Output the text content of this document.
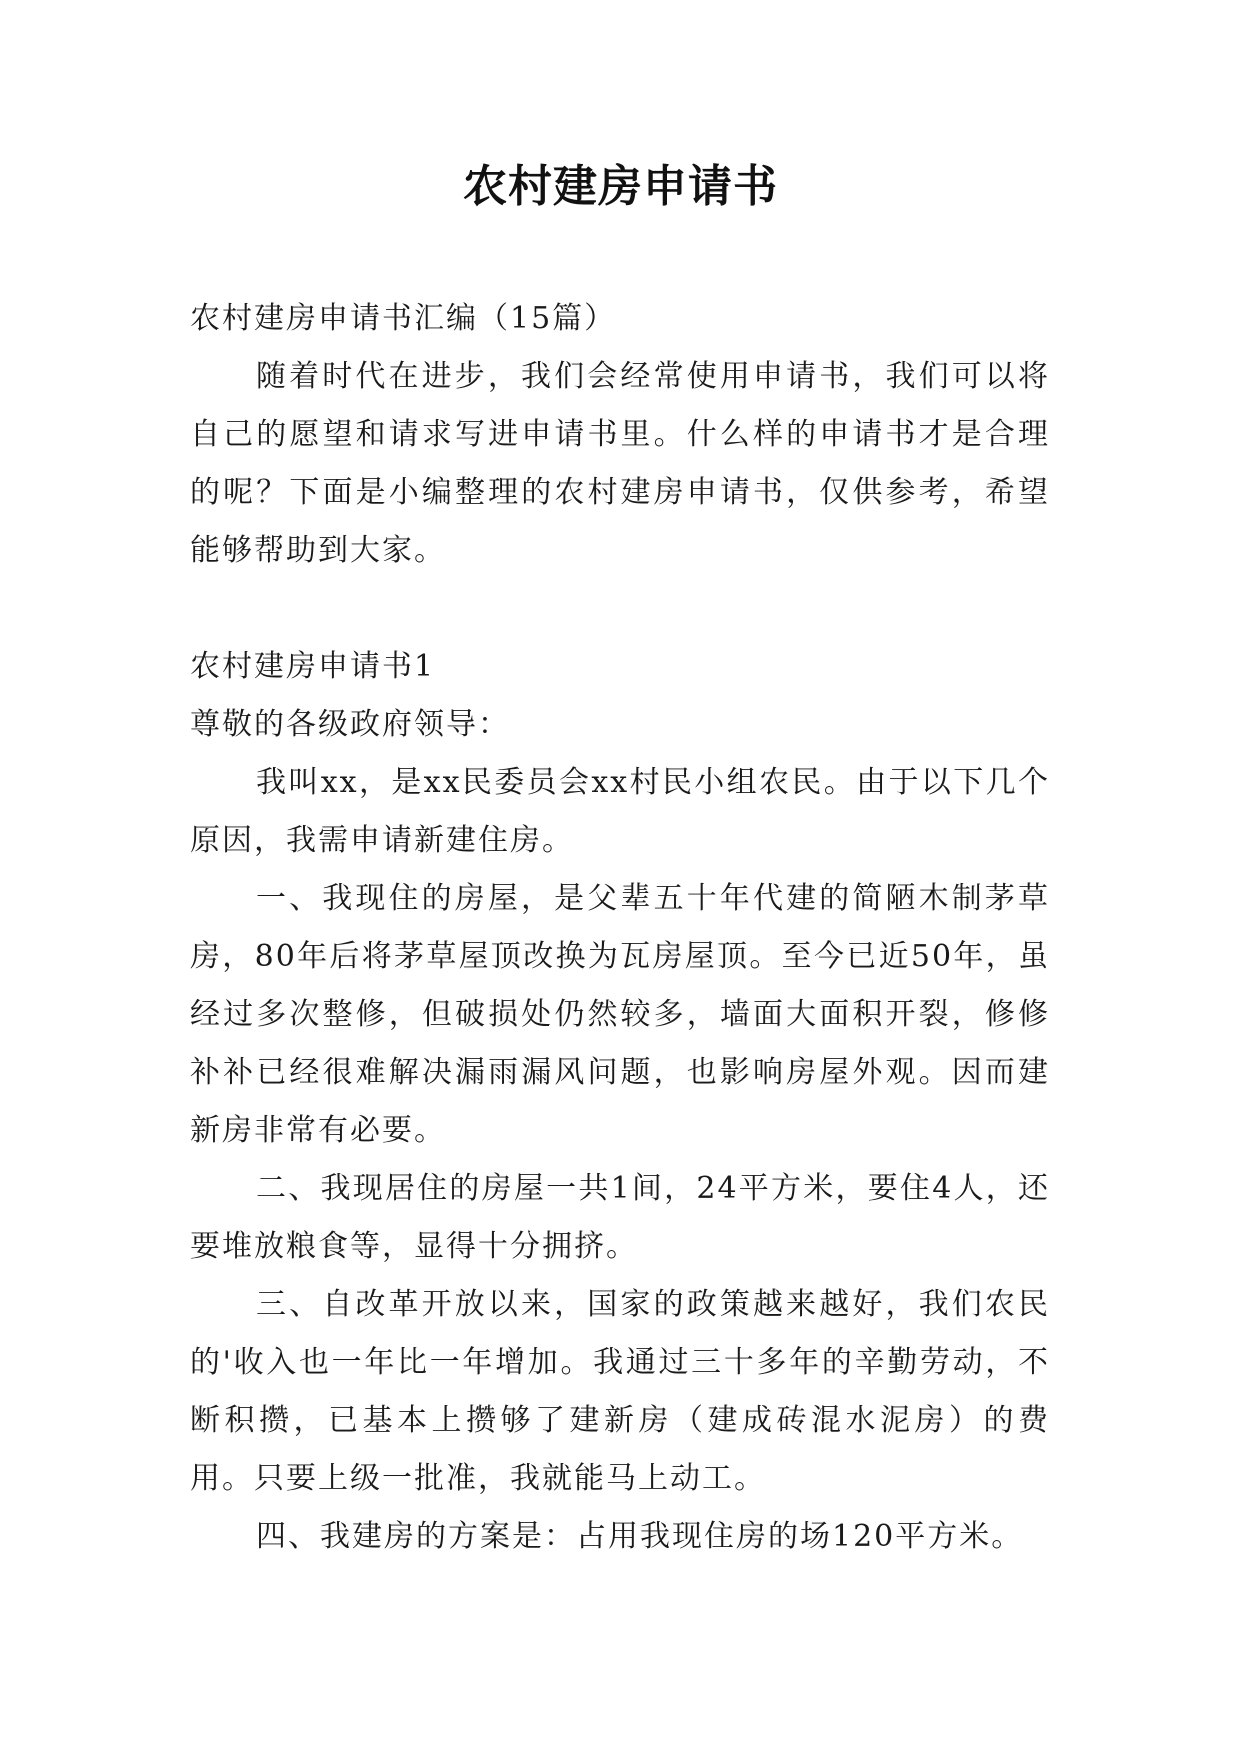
农村建房申请书

农村建房申请书汇编（15篇）

随着时代在进步，我们会经常使用申请书，我们可以将自己的愿望和请求写进申请书里。什么样的申请书才是合理的呢？下面是小编整理的农村建房申请书，仅供参考，希望能够帮助到大家。

农村建房申请书1

尊敬的各级政府领导：

我叫xx，是xx民委员会xx村民小组农民。由于以下几个原因，我需申请新建住房。

一、我现住的房屋，是父辈五十年代建的简陋木制茅草房，80年后将茅草屋顶改换为瓦房屋顶。至今已近50年，虽经过多次整修，但破损处仍然较多，墙面大面积开裂，修修补补已经很难解决漏雨漏风问题，也影响房屋外观。因而建新房非常有必要。

二、我现居住的房屋一共1间，24平方米，要住4人，还要堆放粮食等，显得十分拥挤。

三、自改革开放以来，国家的政策越来越好，我们农民的'收入也一年比一年增加。我通过三十多年的辛勤劳动，不断积攒，已基本上攒够了建新房（建成砖混水泥房）的费用。只要上级一批准，我就能马上动工。

四、我建房的方案是：占用我现住房的场120平方米。
